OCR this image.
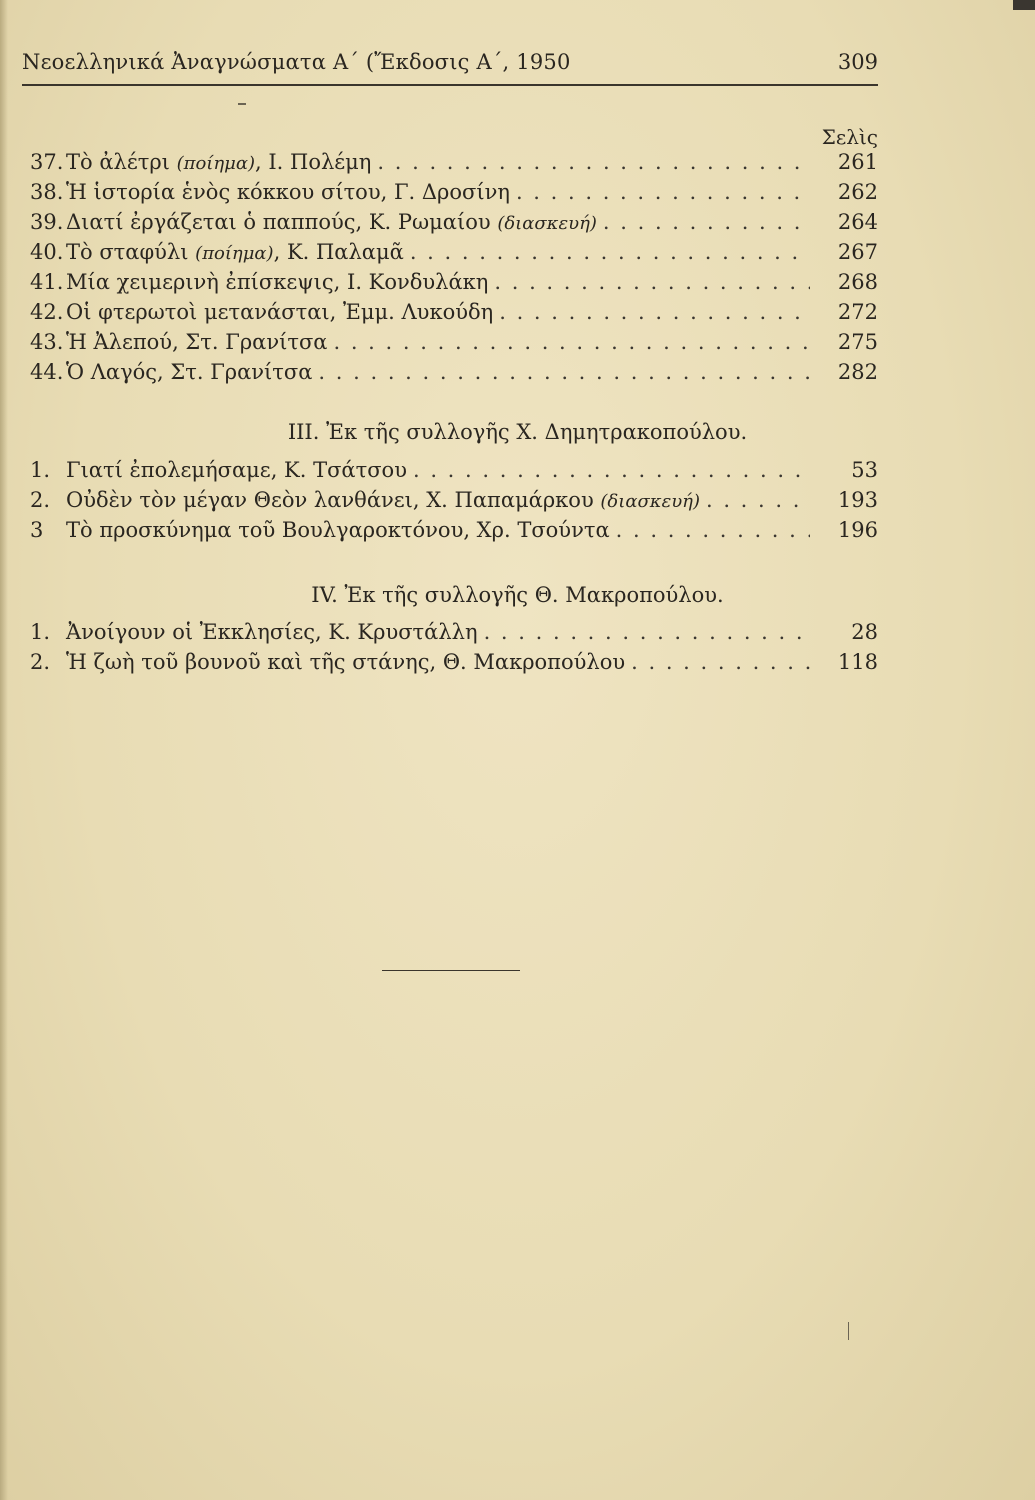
Νεοελληνικά Ἀναγνώσματα Α΄ (Ἔκδοσις Α΄, 1950	309
Σελὶς
37. Τὸ ἀλέτρι (ποίημα), Ι. Πολέμη . . .	261
38. Ἡ ἱστορία ἑνὸς κόκκου σίτου, Γ. Δροσίνη . . .	262
39. Διατί ἐργάζεται ὁ παππούς, Κ. Ρωμαίου (διασκευή) . . .	264
40. Τὸ σταφύλι (ποίημα), Κ. Παλαμᾶ . . .	267
41. Μία χειμερινὴ ἐπίσκεψις, Ι. Κονδυλάκη . . .	268
42. Οἱ φτερωτοὶ μετανάσται, Ἐμμ. Λυκούδη . . .	272
43. Ἡ Ἀλεπού, Στ. Γρανίτσα . . .	275
44. Ὁ Λαγός, Στ. Γρανίτσα . . .	282
ΙΙΙ. Ἐκ τῆς συλλογῆς Χ. Δημητρακοπούλου.
1. Γιατί ἐπολεμήσαμε, Κ. Τσάτσου . . .	53
2. Οὐδὲν τὸν μέγαν Θεὸν λανθάνει, Χ. Παπαμάρκου (διασκευή) . . .	193
3	Τὸ προσκύνημα τοῦ Βουλγαροκτόνου, Χρ. Τσούντα . . .	196
ΙV. Ἐκ τῆς συλλογῆς Θ. Μακροπούλου.
1. Ἀνοίγουν οἱ Ἐκκλησίες, Κ. Κρυστάλλη . . .	28
2. Ἡ ζωὴ τοῦ βουνοῦ καὶ τῆς στάνης, Θ. Μακροπούλου . . .	118
